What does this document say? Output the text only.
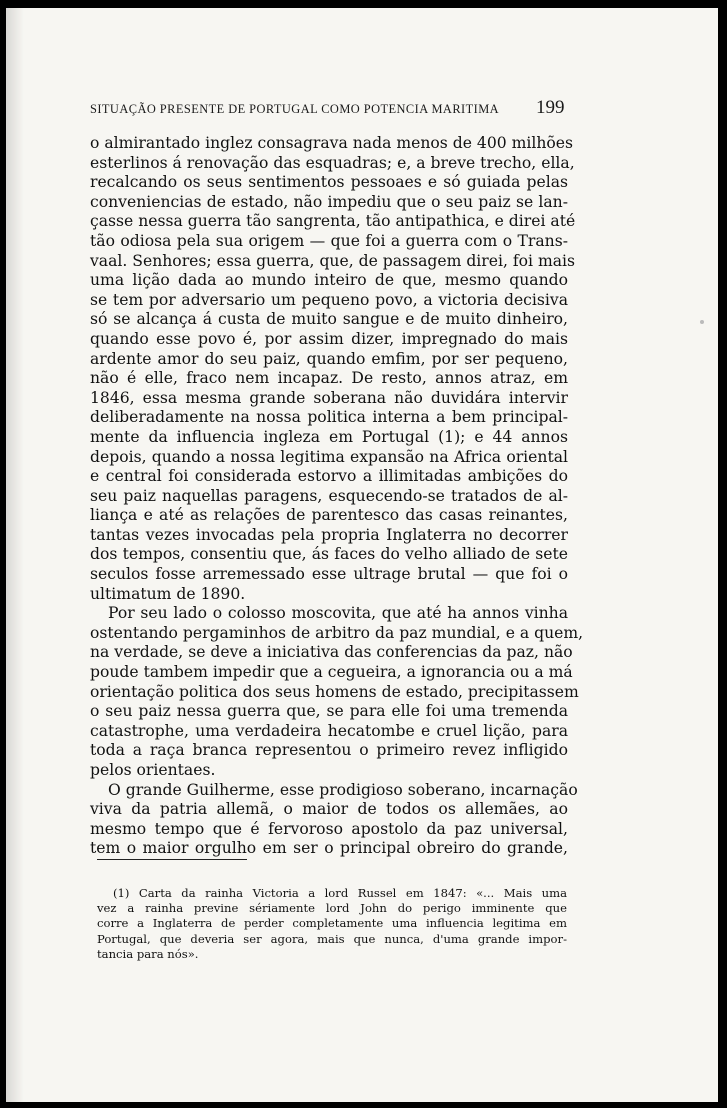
SITUAÇÃO PRESENTE DE PORTUGAL COMO POTENCIA MARITIMA	199
o almirantado inglez consagrava nada menos de 400 milhões
esterlinos á renovação das esquadras; e, a breve trecho, ella,
recalcando os seus sentimentos pessoaes e só guiada pelas
conveniencias de estado, não impediu que o seu paiz se lan-
çasse nessa guerra tão sangrenta, tão antipathica, e direi até
tão odiosa pela sua origem — que foi a guerra com o Trans-
vaal. Senhores; essa guerra, que, de passagem direi, foi mais
uma lição dada ao mundo inteiro de que, mesmo quando
se tem por adversario um pequeno povo, a victoria decisiva
só se alcança á custa de muito sangue e de muito dinheiro,
quando esse povo é, por assim dizer, impregnado do mais
ardente amor do seu paiz, quando emfim, por ser pequeno,
não é elle, fraco nem incapaz. De resto, annos atraz, em
1846, essa mesma grande soberana não duvidára intervir
deliberadamente na nossa politica interna a bem principal-
mente da influencia ingleza em Portugal (1); e 44 annos
depois, quando a nossa legitima expansão na Africa oriental
e central foi considerada estorvo a illimitadas ambições do
seu paiz naquellas paragens, esquecendo-se tratados de al-
liança e até as relações de parentesco das casas reinantes,
tantas vezes invocadas pela propria Inglaterra no decorrer
dos tempos, consentiu que, ás faces do velho alliado de sete
seculos fosse arremessado esse ultrage brutal — que foi o
ultimatum de 1890.
Por seu lado o colosso moscovita, que até ha annos vinha
ostentando pergaminhos de arbitro da paz mundial, e a quem,
na verdade, se deve a iniciativa das conferencias da paz, não
poude tambem impedir que a cegueira, a ignorancia ou a má
orientação politica dos seus homens de estado, precipitassem
o seu paiz nessa guerra que, se para elle foi uma tremenda
catastrophe, uma verdadeira hecatombe e cruel lição, para
toda a raça branca representou o primeiro revez infligido
pelos orientaes.
O grande Guilherme, esse prodigioso soberano, incarnação
viva da patria allemã, o maior de todos os allemães, ao
mesmo tempo que é fervoroso apostolo da paz universal,
tem o maior orgulho em ser o principal obreiro do grande,
(1) Carta da rainha Victoria a lord Russel em 1847: «... Mais uma
vez a rainha previne sériamente lord John do perigo imminente que
corre a Inglaterra de perder completamente uma influencia legitima em
Portugal, que deveria ser agora, mais que nunca, d'uma grande impor-
tancia para nós».
